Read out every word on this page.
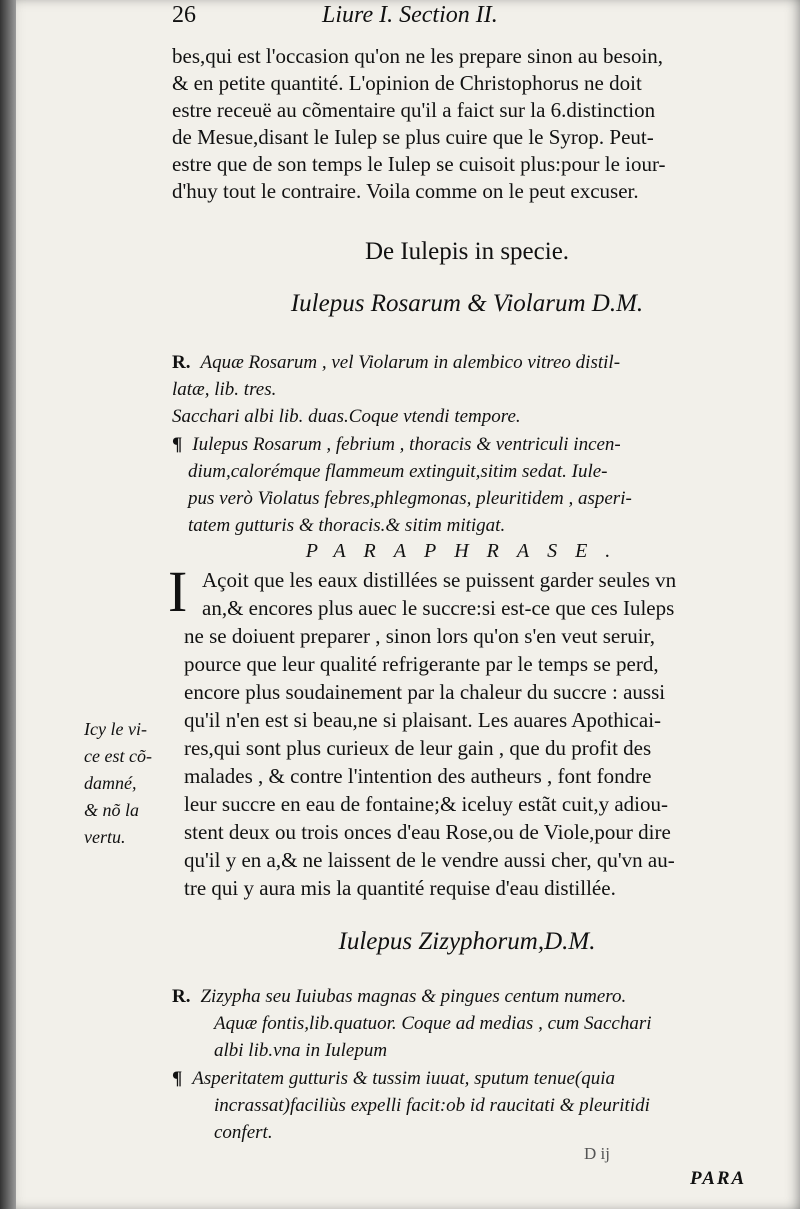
26	Liure I. Section II.
bes,qui est l'occasion qu'on ne les prepare sinon au besoin,
& en petite quantité. L'opinion de Christophorus ne doit
estre receuë au cõmentaire qu'il a faict sur la 6.distinction
de Mesue,disant le Iulep se plus cuire que le Syrop. Peut-
estre que de son temps le Iulep se cuisoit plus:pour le iour-
d'huy tout le contraire. Voila comme on le peut excuser.
De Iulepis in specie.
Iulepus Rosarum & Violarum D.M.
R. Aquæ Rosarum , vel Violarum in alembico vitreo distil-
latæ, lib. tres.
Sacchari albi lib. duas.Coque vtendi tempore.
¶ Iulepus Rosarum , febrium , thoracis & ventriculi incen-
dium,calorémque flammeum extinguit,sitim sedat. Iule-
pus verò Violatus febres,phlegmonas, pleuritidem , asperi-
tatem gutturis & thoracis.& sitim mitigat.
PARAPHRASE.
I Açoit que les eaux distillées se puissent garder seules vn
an,& encores plus auec le succre:si est-ce que ces Iuleps
ne se doiuent preparer , sinon lors qu'on s'en veut seruir,
pource que leur qualité refrigerante par le temps se perd,
encore plus soudainement par la chaleur du succre : aussi
qu'il n'en est si beau,ne si plaisant. Les auares Apothicai-
res,qui sont plus curieux de leur gain , que du profit des
malades , & contre l'intention des autheurs , font fondre
leur succre en eau de fontaine;& iceluy estãt cuit,y adiou-
stent deux ou trois onces d'eau Rose,ou de Viole,pour dire
qu'il y en a,& ne laissent de le vendre aussi cher, qu'vn au-
tre qui y aura mis la quantité requise d'eau distillée.
Icy le vi-
ce est cõ-
damné,
& nõ la
vertu.
Iulepus Zizyphorum,D.M.
R. Zizypha seu Iuiubas magnas & pingues centum numero.
Aquæ fontis,lib.quatuor. Coque ad medias , cum Sacchari
albi lib.vna in Iulepum
¶ Asperitatem gutturis & tussim iuuat, sputum tenue(quia
incrassat)faciliùs expelli facit:ob id raucitati & pleuritidi
confert.
D ij
PARA
